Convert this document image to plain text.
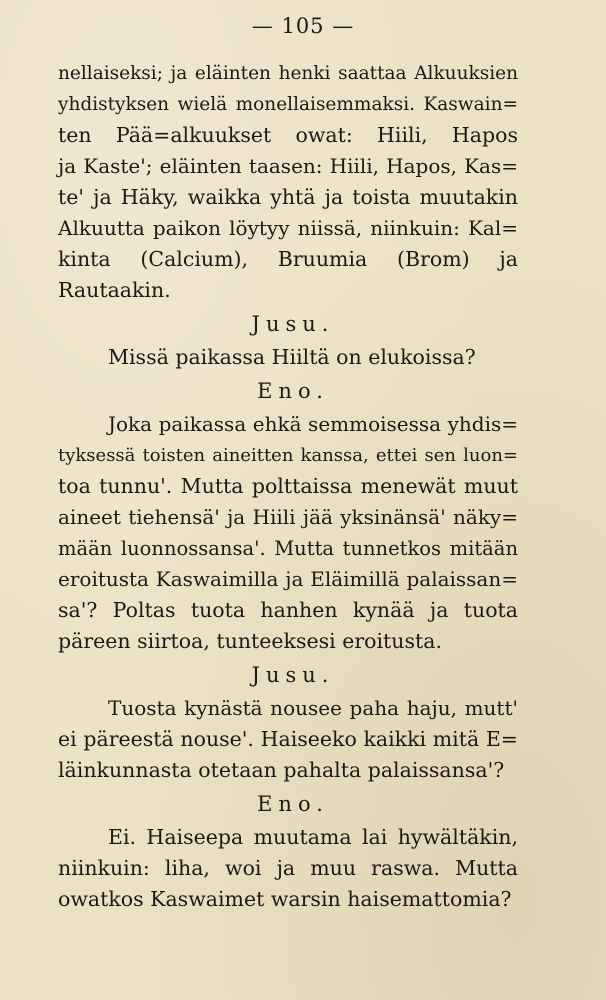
— 105 —
nellaiseksi; ja eläinten henki saattaa Alkuuksien
yhdistyksen wielä monellaisemmaksi. Kaswain=
ten Pää=alkuukset owat: Hiili, Hapos
ja Kaste'; eläinten taasen: Hiili, Hapos, Kas=
te' ja Häky, waikka yhtä ja toista muutakin
Alkuutta paikon löytyy niissä, niinkuin: Kal=
kinta (Calcium), Bruumia (Brom) ja
Rautaakin.
Jusu.
Missä paikassa Hiiltä on elukoissa?
Eno.
Joka paikassa ehkä semmoisessa yhdis=
tyksessä toisten aineitten kanssa, ettei sen luon=
toa tunnu'. Mutta polttaissa menewät muut
aineet tiehensä' ja Hiili jää yksinänsä' näky=
mään luonnossansa'. Mutta tunnetkos mitään
eroitusta Kaswaimilla ja Eläimillä palaissan=
sa'? Poltas tuota hanhen kynää ja tuota
päreen siirtoa, tunteeksesi eroitusta.
Jusu.
Tuosta kynästä nousee paha haju, mutt'
ei päreestä nouse'. Haiseeko kaikki mitä E=
läinkunnasta otetaan pahalta palaissansa'?
Eno.
Ei. Haiseepa muutama lai hywältäkin,
niinkuin: liha, woi ja muu raswa. Mutta
owatkos Kaswaimet warsin haisemattomia?
